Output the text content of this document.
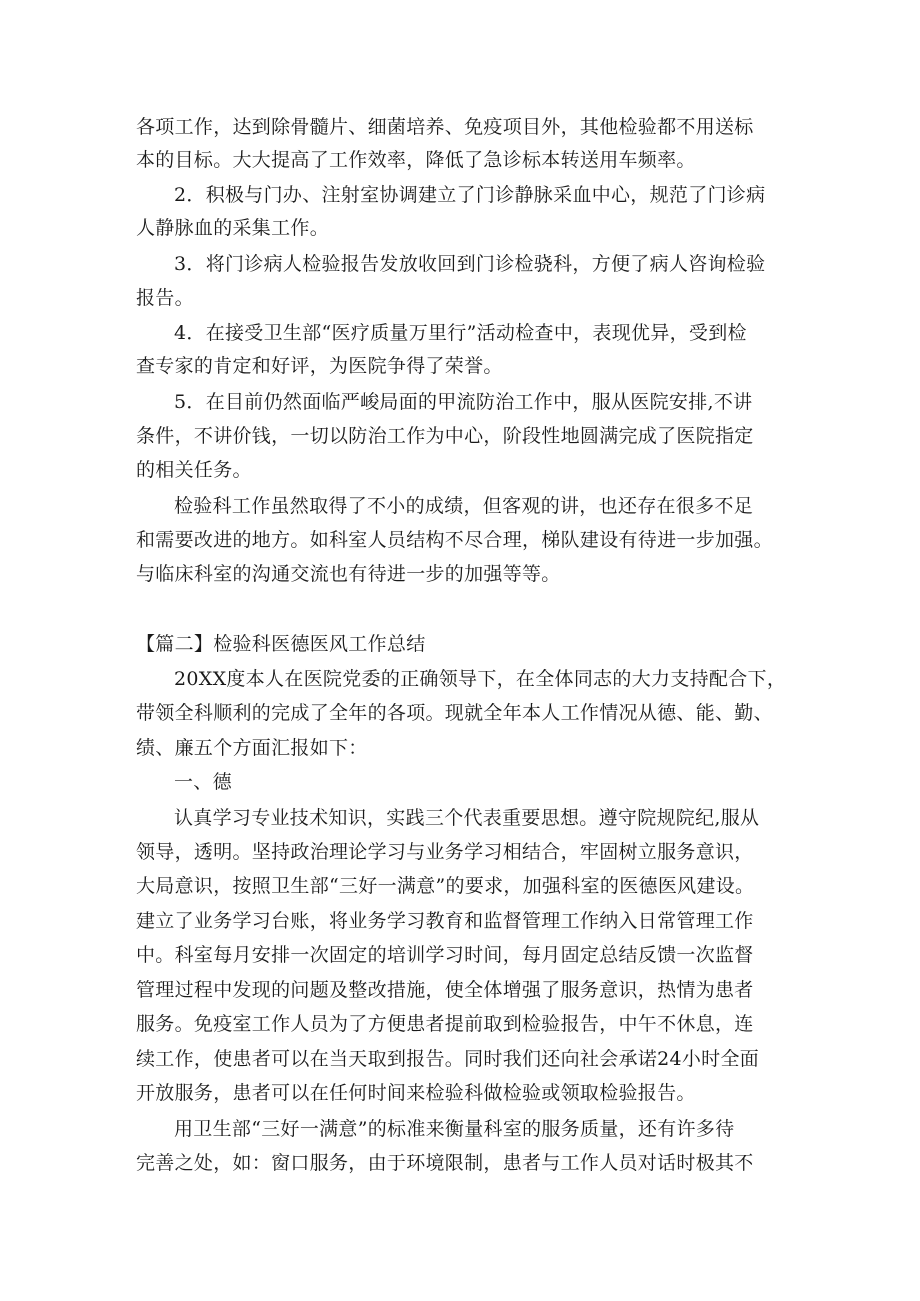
各项工作，达到除骨髓片、细菌培养、免疫项目外，其他检验都不用送标
本的目标。大大提高了工作效率，降低了急诊标本转送用车频率。
2．积极与门办、注射室协调建立了门诊静脉采血中心，规范了门诊病
人静脉血的采集工作。
3．将门诊病人检验报告发放收回到门诊检骁科，方便了病人咨询检验
报告。
4．在接受卫生部“医疗质量万里行”活动检查中，表现优异，受到检
查专家的肯定和好评，为医院争得了荣誉。
5．在目前仍然面临严峻局面的甲流防治工作中，服从医院安排,不讲
条件，不讲价钱，一切以防治工作为中心，阶段性地圆满完成了医院指定
的相关任务。
检验科工作虽然取得了不小的成绩，但客观的讲，也还存在很多不足
和需要改进的地方。如科室人员结构不尽合理，梯队建设有待进一步加强。
与临床科室的沟通交流也有待进一步的加强等等。
【篇二】检验科医德医风工作总结
20XX度本人在医院党委的正确领导下，在全体同志的大力支持配合下，
带领全科顺利的完成了全年的各项。现就全年本人工作情况从德、能、勤、
绩、廉五个方面汇报如下：
一、德
认真学习专业技术知识，实践三个代表重要思想。遵守院规院纪,服从
领导，透明。坚持政治理论学习与业务学习相结合，牢固树立服务意识，
大局意识，按照卫生部“三好一满意”的要求，加强科室的医德医风建设。
建立了业务学习台账，将业务学习教育和监督管理工作纳入日常管理工作
中。科室每月安排一次固定的培训学习时间，每月固定总结反馈一次监督
管理过程中发现的问题及整改措施，使全体增强了服务意识，热情为患者
服务。免疫室工作人员为了方便患者提前取到检验报告，中午不休息，连
续工作，使患者可以在当天取到报告。同时我们还向社会承诺24小时全面
开放服务，患者可以在任何时间来检验科做检验或领取检验报告。
用卫生部“三好一满意”的标准来衡量科室的服务质量，还有许多待
完善之处，如：窗口服务，由于环境限制，患者与工作人员对话时极其不
